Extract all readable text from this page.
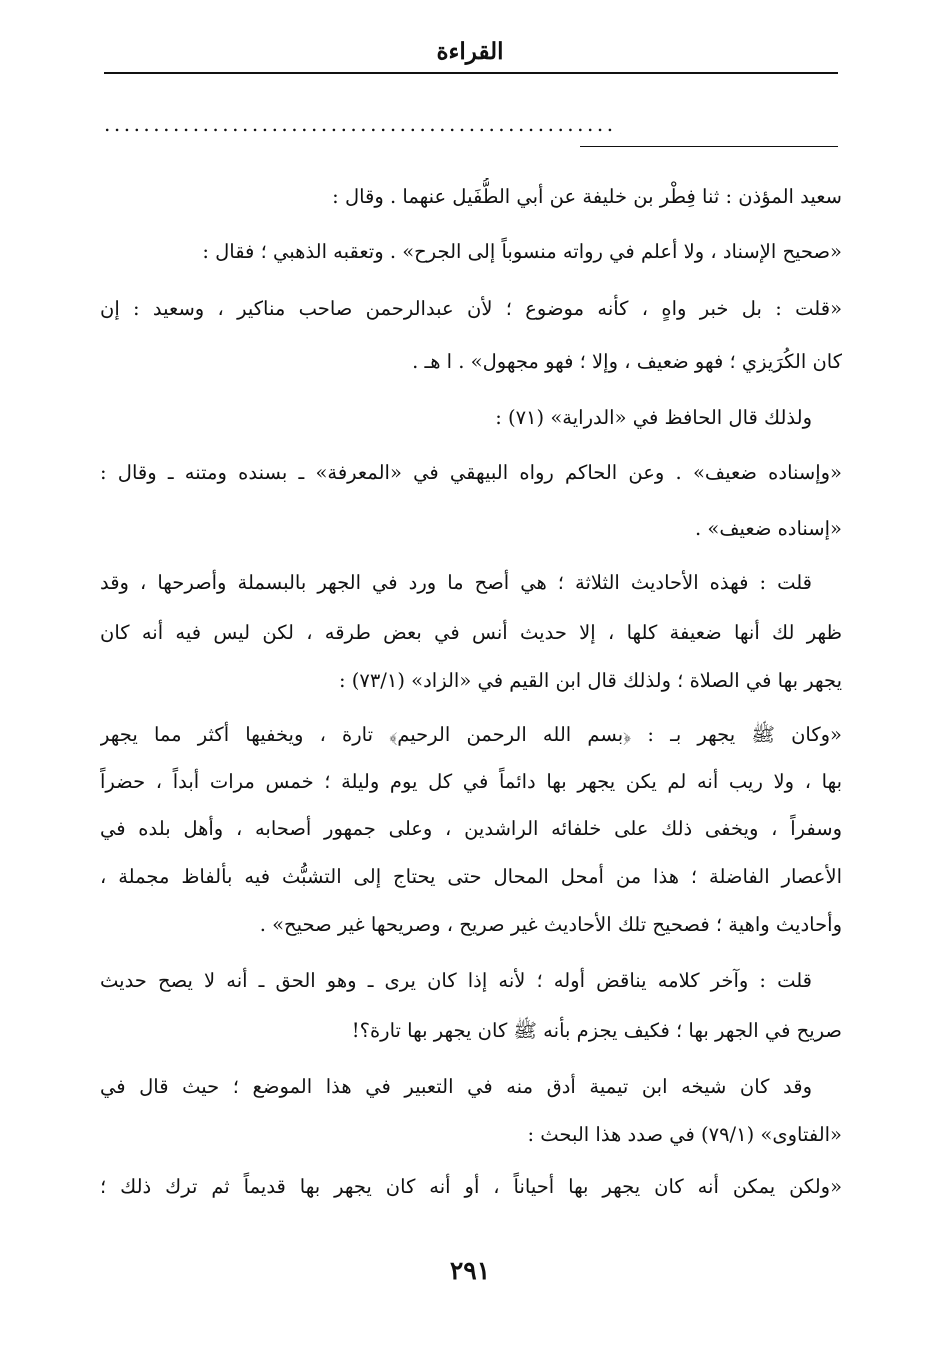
القراءة
....................................................
سعيد المؤذن : ثنا فِطْر بن خليفة عن أبي الطُّفَيل عنهما . وقال :
«صحيح الإسناد ، ولا أعلم في رواته منسوباً إلى الجرح» . وتعقبه الذهبي ؛ فقال :
«قلت : بل خبر واهٍ ، كأنه موضوع ؛ لأن عبدالرحمن صاحب مناكير ، وسعيد : إن
كان الكُرَيزي ؛ فهو ضعيف ، وإلا ؛ فهو مجهول» . ا هـ .
ولذلك قال الحافظ في «الدراية» (٧١) :
«وإسناده ضعيف» . وعن الحاكم رواه البيهقي في «المعرفة» ـ بسنده ومتنه ـ وقال :
«إسناده ضعيف» .
قلت : فهذه الأحاديث الثلاثة ؛ هي أصح ما ورد في الجهر بالبسملة وأصرحها ، وقد
ظهر لك أنها ضعيفة كلها ، إلا حديث أنس في بعض طرقه ، لكن ليس فيه أنه كان
يجهر بها في الصلاة ؛ ولذلك قال ابن القيم في «الزاد» (٧٣/١) :
«وكان ﷺ يجهر بـ : ﴿بسم الله الرحمن الرحيم﴾ تارة ، ويخفيها أكثر مما يجهر
بها ، ولا ريب أنه لم يكن يجهر بها دائماً في كل يوم وليلة ؛ خمس مرات أبداً ، حضراً
وسفراً ، ويخفى ذلك على خلفائه الراشدين ، وعلى جمهور أصحابه ، وأهل بلده في
الأعصار الفاضلة ؛ هذا من أمحل المحال حتى يحتاج إلى التشبُّث فيه بألفاظ مجملة ،
وأحاديث واهية ؛ فصحيح تلك الأحاديث غير صريح ، وصريحها غير صحيح» .
قلت : وآخر كلامه يناقض أوله ؛ لأنه إذا كان يرى ـ وهو الحق ـ أنه لا يصح حديث
صريح في الجهر بها ؛ فكيف يجزم بأنه ﷺ كان يجهر بها تارة؟!
وقد كان شيخه ابن تيمية أدق منه في التعبير في هذا الموضع ؛ حيث قال في
«الفتاوى» (٧٩/١) في صدد هذا البحث :
«ولكن يمكن أنه كان يجهر بها أحياناً ، أو أنه كان يجهر بها قديماً ثم ترك ذلك ؛
٢٩١
